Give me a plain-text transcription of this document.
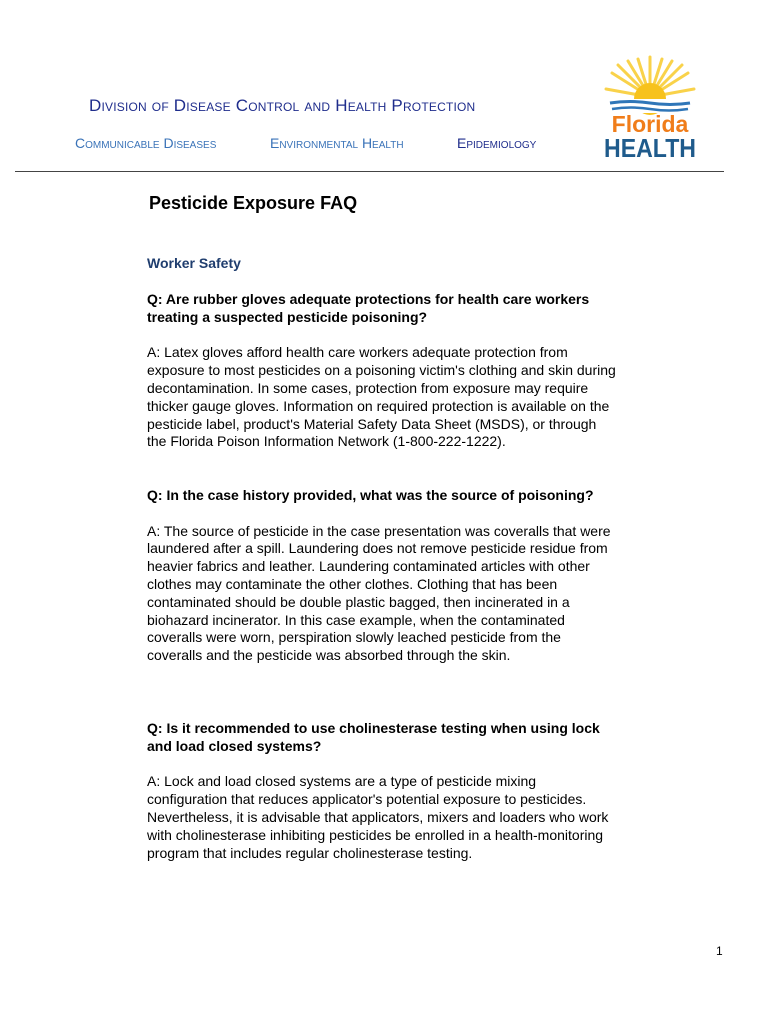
Division of Disease Control and Health Protection
Communicable Diseases	Environmental Health	Epidemiology
Florida
HEALTH
Pesticide Exposure FAQ
Worker Safety

Q: Are rubber gloves adequate protections for health care workers treating a suspected pesticide poisoning?

A: Latex gloves afford health care workers adequate protection from exposure to most pesticides on a poisoning victim's clothing and skin during decontamination. In some cases, protection from exposure may require thicker gauge gloves. Information on required protection is available on the pesticide label, product's Material Safety Data Sheet (MSDS), or through the Florida Poison Information Network (1-800-222-1222).

Q: In the case history provided, what was the source of poisoning?

A: The source of pesticide in the case presentation was coveralls that were laundered after a spill. Laundering does not remove pesticide residue from heavier fabrics and leather. Laundering contaminated articles with other clothes may contaminate the other clothes. Clothing that has been contaminated should be double plastic bagged, then incinerated in a biohazard incinerator. In this case example, when the contaminated coveralls were worn, perspiration slowly leached pesticide from the coveralls and the pesticide was absorbed through the skin.

Q: Is it recommended to use cholinesterase testing when using lock and load closed systems?

A: Lock and load closed systems are a type of pesticide mixing configuration that reduces applicator's potential exposure to pesticides. Nevertheless, it is advisable that applicators, mixers and loaders who work with cholinesterase inhibiting pesticides be enrolled in a health-monitoring program that includes regular cholinesterase testing.

1
